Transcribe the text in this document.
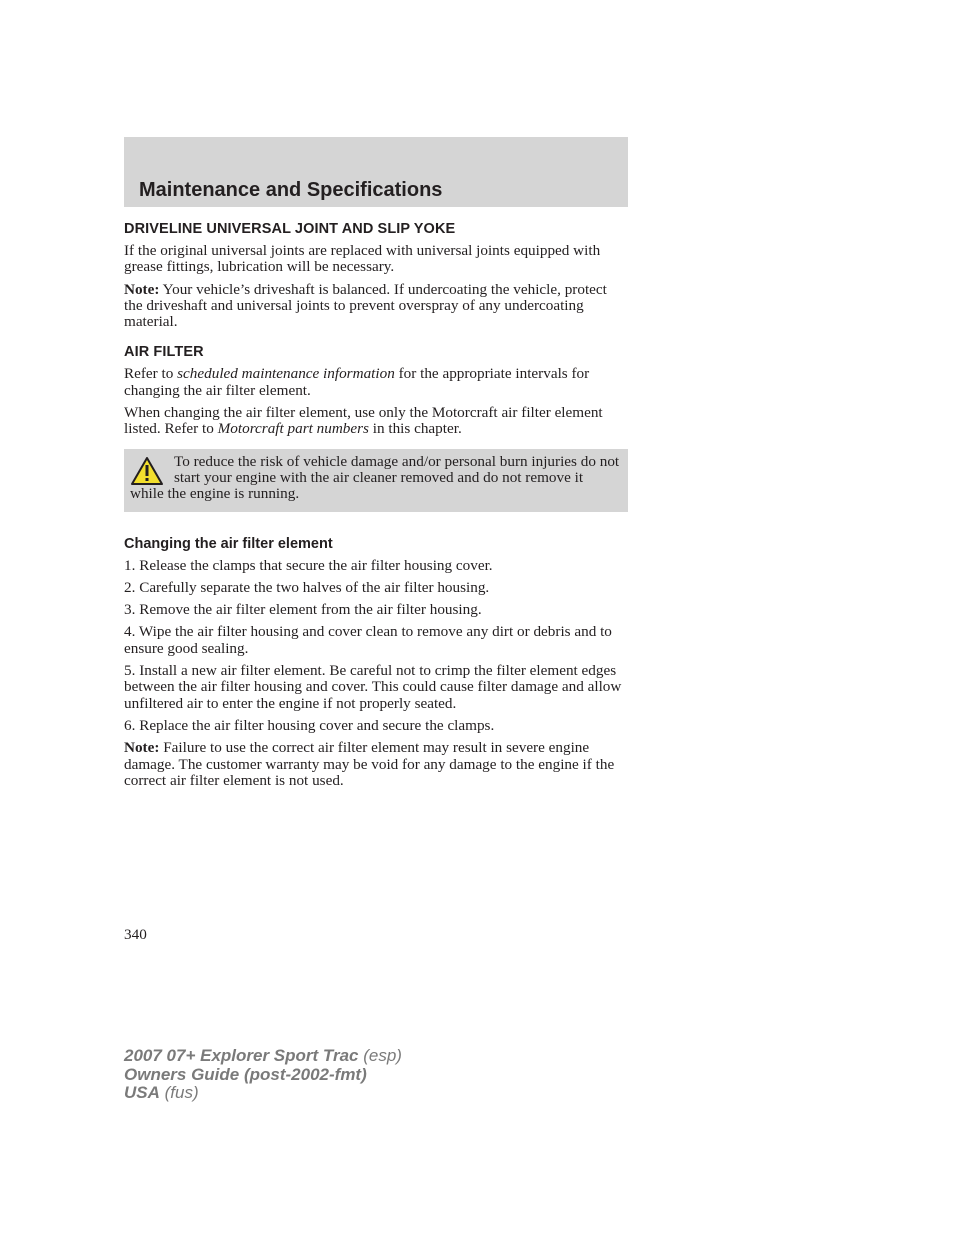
Maintenance and Specifications
DRIVELINE UNIVERSAL JOINT AND SLIP YOKE

If the original universal joints are replaced with universal joints equipped with grease fittings, lubrication will be necessary.

Note: Your vehicle’s driveshaft is balanced. If undercoating the vehicle, protect the driveshaft and universal joints to prevent overspray of any undercoating material.

AIR FILTER

Refer to scheduled maintenance information for the appropriate intervals for changing the air filter element.

When changing the air filter element, use only the Motorcraft air filter element listed. Refer to Motorcraft part numbers in this chapter.

To reduce the risk of vehicle damage and/or personal burn injuries do not start your engine with the air cleaner removed and do not remove it while the engine is running.
Changing the air filter element

1. Release the clamps that secure the air filter housing cover.

2. Carefully separate the two halves of the air filter housing.

3. Remove the air filter element from the air filter housing.

4. Wipe the air filter housing and cover clean to remove any dirt or debris and to ensure good sealing.

5. Install a new air filter element. Be careful not to crimp the filter element edges between the air filter housing and cover. This could cause filter damage and allow unfiltered air to enter the engine if not properly seated.

6. Replace the air filter housing cover and secure the clamps.

Note: Failure to use the correct air filter element may result in severe engine damage. The customer warranty may be void for any damage to the engine if the correct air filter element is not used.

340

2007 07+ Explorer Sport Trac (esp)
Owners Guide (post-2002-fmt)
USA (fus)
